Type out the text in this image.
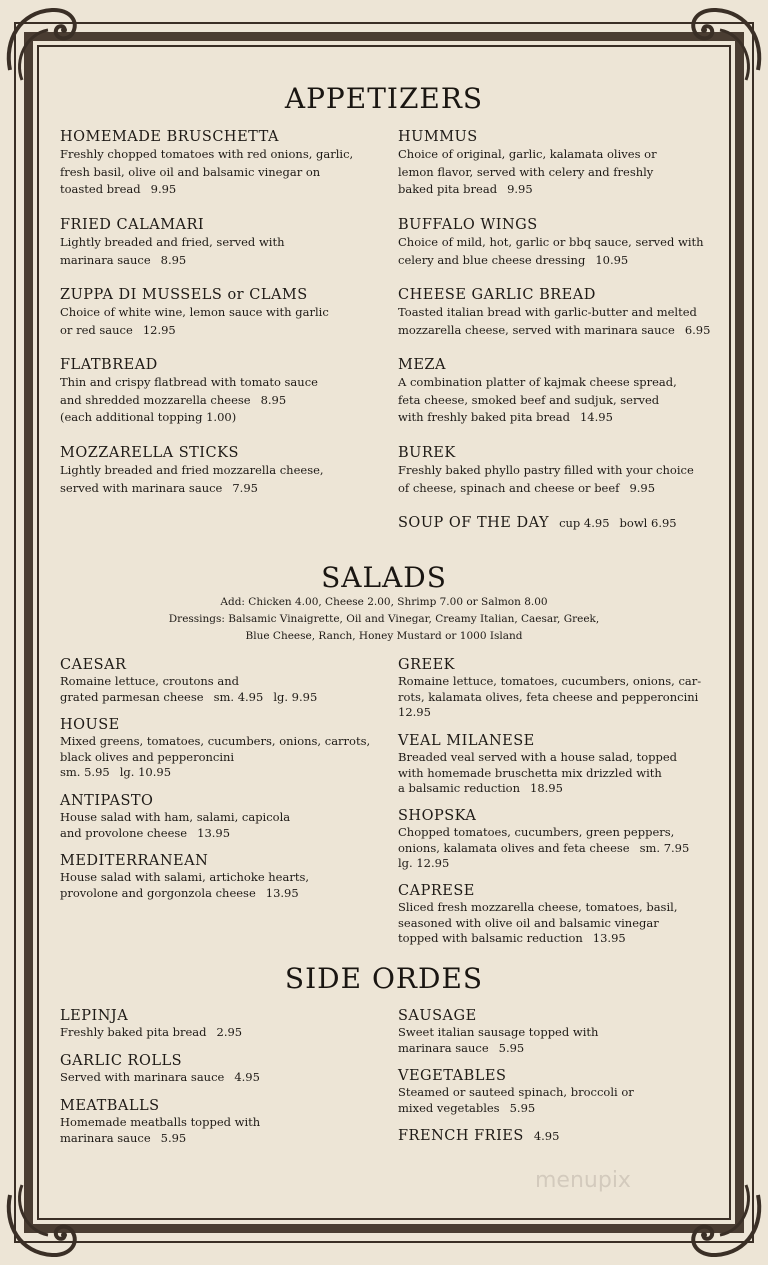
APPETIZERS
HOMEMADE BRUSCHETTA
Freshly chopped tomatoes with red onions, garlic,
fresh basil, olive oil and balsamic vinegar on
toasted bread 9.95
FRIED CALAMARI
Lightly breaded and fried, served with
marinara sauce 8.95
ZUPPA DI MUSSELS or CLAMS
Choice of white wine, lemon sauce with garlic
or red sauce 12.95
FLATBREAD
Thin and crispy flatbread with tomato sauce
and shredded mozzarella cheese 8.95
(each additional topping 1.00)
MOZZARELLA STICKS
Lightly breaded and fried mozzarella cheese,
served with marinara sauce 7.95
HUMMUS
Choice of original, garlic, kalamata olives or
lemon flavor, served with celery and freshly
baked pita bread 9.95
BUFFALO WINGS
Choice of mild, hot, garlic or bbq sauce, served with
celery and blue cheese dressing 10.95
CHEESE GARLIC BREAD
Toasted italian bread with garlic-butter and melted
mozzarella cheese, served with marinara sauce 6.95
MEZA
A combination platter of kajmak cheese spread,
feta cheese, smoked beef and sudjuk, served
with freshly baked pita bread 14.95
BUREK
Freshly baked phyllo pastry filled with your choice
of cheese, spinach and cheese or beef 9.95
SOUP OF THE DAY cup 4.95 bowl 6.95
SALADS
Add: Chicken 4.00, Cheese 2.00, Shrimp 7.00 or Salmon 8.00
Dressings: Balsamic Vinaigrette, Oil and Vinegar, Creamy Italian, Caesar, Greek,
Blue Cheese, Ranch, Honey Mustard or 1000 Island
CAESAR
Romaine lettuce, croutons and
grated parmesan cheese sm. 4.95 lg. 9.95
HOUSE
Mixed greens, tomatoes, cucumbers, onions, carrots,
black olives and pepperoncini
sm. 5.95 lg. 10.95
ANTIPASTO
House salad with ham, salami, capicola
and provolone cheese 13.95
MEDITERRANEAN
House salad with salami, artichoke hearts,
provolone and gorgonzola cheese 13.95
GREEK
Romaine lettuce, tomatoes, cucumbers, onions, car-
rots, kalamata olives, feta cheese and pepperoncini
12.95
VEAL MILANESE
Breaded veal served with a house salad, topped
with homemade bruschetta mix drizzled with
a balsamic reduction 18.95
SHOPSKA
Chopped tomatoes, cucumbers, green peppers,
onions, kalamata olives and feta cheese sm. 7.95
lg. 12.95
CAPRESE
Sliced fresh mozzarella cheese, tomatoes, basil,
seasoned with olive oil and balsamic vinegar
topped with balsamic reduction 13.95
SIDE ORDES
LEPINJA
Freshly baked pita bread 2.95
GARLIC ROLLS
Served with marinara sauce 4.95
MEATBALLS
Homemade meatballs topped with
marinara sauce 5.95
SAUSAGE
Sweet italian sausage topped with
marinara sauce 5.95
VEGETABLES
Steamed or sauteed spinach, broccoli or
mixed vegetables 5.95
FRENCH FRIES 4.95
menupix
